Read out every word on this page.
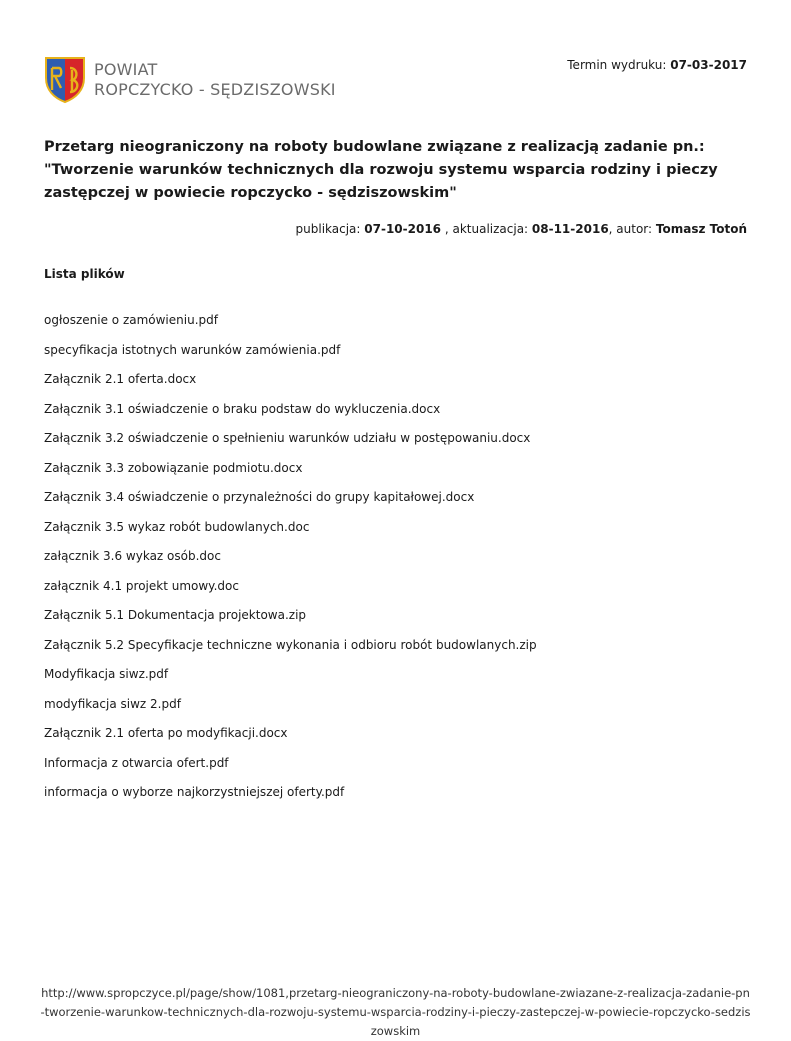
POWIAT
ROPCZYCKO - SĘDZISZOWSKI
Termin wydruku: 07-03-2017
Przetarg nieograniczony na roboty budowlane związane z realizacją zadanie pn.: "Tworzenie warunków technicznych dla rozwoju systemu wsparcia rodziny i pieczy zastępczej w powiecie ropczycko - sędziszowskim"
publikacja: 07-10-2016 , aktualizacja: 08-11-2016, autor: Tomasz Totoń
Lista plików
ogłoszenie o zamówieniu.pdf
specyfikacja istotnych warunków zamówienia.pdf
Załącznik 2.1 oferta.docx
Załącznik 3.1 oświadczenie o braku podstaw do wykluczenia.docx
Załącznik 3.2 oświadczenie o spełnieniu warunków udziału w postępowaniu.docx
Załącznik 3.3 zobowiązanie podmiotu.docx
Załącznik 3.4 oświadczenie o przynależności do grupy kapitałowej.docx
Załącznik 3.5 wykaz robót budowlanych.doc
załącznik 3.6 wykaz osób.doc
załącznik 4.1 projekt umowy.doc
Załącznik 5.1 Dokumentacja projektowa.zip
Załącznik 5.2 Specyfikacje techniczne wykonania i odbioru robót budowlanych.zip
Modyfikacja siwz.pdf
modyfikacja siwz 2.pdf
Załącznik 2.1 oferta po modyfikacji.docx
Informacja z otwarcia ofert.pdf
informacja o wyborze najkorzystniejszej oferty.pdf
http://www.spropczyce.pl/page/show/1081,przetarg-nieograniczony-na-roboty-budowlane-zwiazane-z-realizacja-zadanie-pn-tworzenie-warunkow-technicznych-dla-rozwoju-systemu-wsparcia-rodziny-i-pieczy-zastepczej-w-powiecie-ropczycko-sedziszowskim
